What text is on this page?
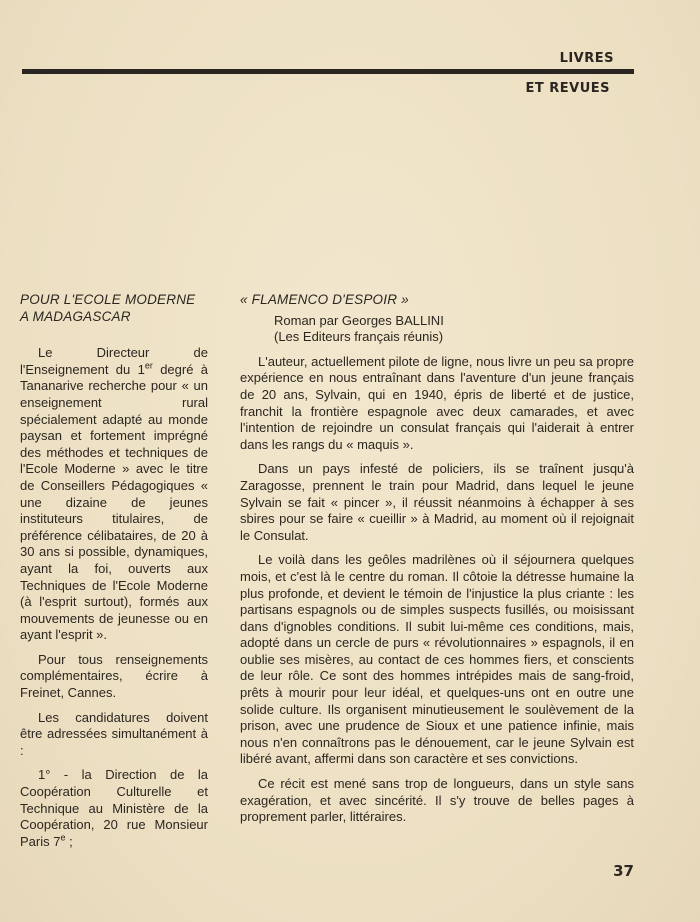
LIVRES
ET REVUES
POUR L'ECOLE MODERNE
A MADAGASCAR

Le Directeur de l'Enseignement du 1er degré à Tananarive recherche pour « un enseignement rural spécialement adapté au monde paysan et fortement imprégné des méthodes et techniques de l'Ecole Moderne » avec le titre de Conseillers Pédagogiques « une dizaine de jeunes instituteurs titulaires, de préférence célibataires, de 20 à 30 ans si possible, dynamiques, ayant la foi, ouverts aux Techniques de l'Ecole Moderne (à l'esprit surtout), formés aux mouvements de jeunesse ou en ayant l'esprit ».

Pour tous renseignements complémentaires, écrire à Freinet, Cannes.

Les candidatures doivent être adressées simultanément à :

1° - la Direction de la Coopération Culturelle et Technique au Ministère de la Coopération, 20 rue Monsieur Paris 7e ;

« FLAMENCO D'ESPOIR »
Roman par Georges BALLINI
(Les Editeurs français réunis)

L'auteur, actuellement pilote de ligne, nous livre un peu sa propre expérience en nous entraînant dans l'aventure d'un jeune français de 20 ans, Sylvain, qui en 1940, épris de liberté et de justice, franchit la frontière espagnole avec deux camarades, et avec l'intention de rejoindre un consulat français qui l'aiderait à entrer dans les rangs du « maquis ».

Dans un pays infesté de policiers, ils se traînent jusqu'à Zaragosse, prennent le train pour Madrid, dans lequel le jeune Sylvain se fait « pincer », il réussit néanmoins à échapper à ses sbires pour se faire « cueillir » à Madrid, au moment où il rejoignait le Consulat.

Le voilà dans les geôles madrilènes où il séjournera quelques mois, et c'est là le centre du roman. Il côtoie la détresse humaine la plus profonde, et devient le témoin de l'injustice la plus criante : les partisans espagnols ou de simples suspects fusillés, ou moisissant dans d'ignobles conditions. Il subit lui-même ces conditions, mais, adopté dans un cercle de purs « révolutionnaires » espagnols, il en oublie ses misères, au contact de ces hommes fiers, et conscients de leur rôle. Ce sont des hommes intrépides mais de sang-froid, prêts à mourir pour leur idéal, et quelques-uns ont en outre une solide culture. Ils organisent minutieusement le soulèvement de la prison, avec une prudence de Sioux et une patience infinie, mais nous n'en connaîtrons pas le dénouement, car le jeune Sylvain est libéré avant, affermi dans son caractère et ses convictions.

Ce récit est mené sans trop de longueurs, dans un style sans exagération, et avec sincérité. Il s'y trouve de belles pages à proprement parler, littéraires.

37
